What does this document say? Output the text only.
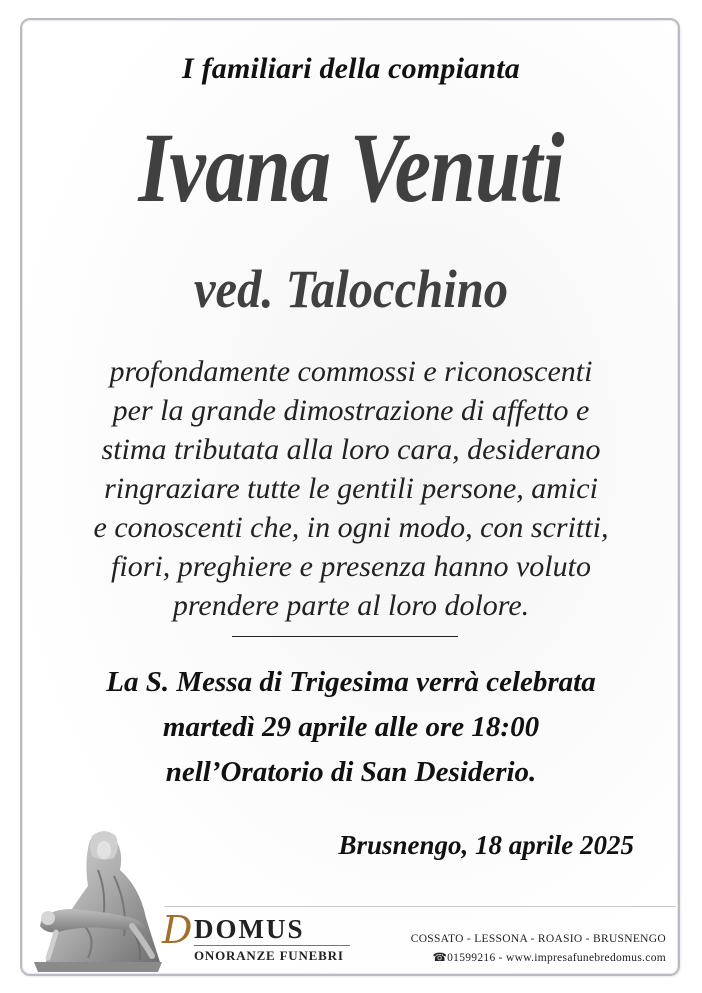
I familiari della compianta
Ivana Venuti
ved. Talocchino
profondamente commossi e riconoscenti
per la grande dimostrazione di affetto e
stima tributata alla loro cara, desiderano
ringraziare tutte le gentili persone, amici
e conoscenti che, in ogni modo, con scritti,
fiori, preghiere e presenza hanno voluto
prendere parte al loro dolore.
La S. Messa di Trigesima verrà celebrata
martedì 29 aprile alle ore 18:00
nell’Oratorio di San Desiderio.
Brusnengo, 18 aprile 2025
D DOMUS
ONORANZE FUNEBRI
COSSATO - LESSONA - ROASIO - BRUSNENGO
☎01599216 - www.impresafunebredomus.com
